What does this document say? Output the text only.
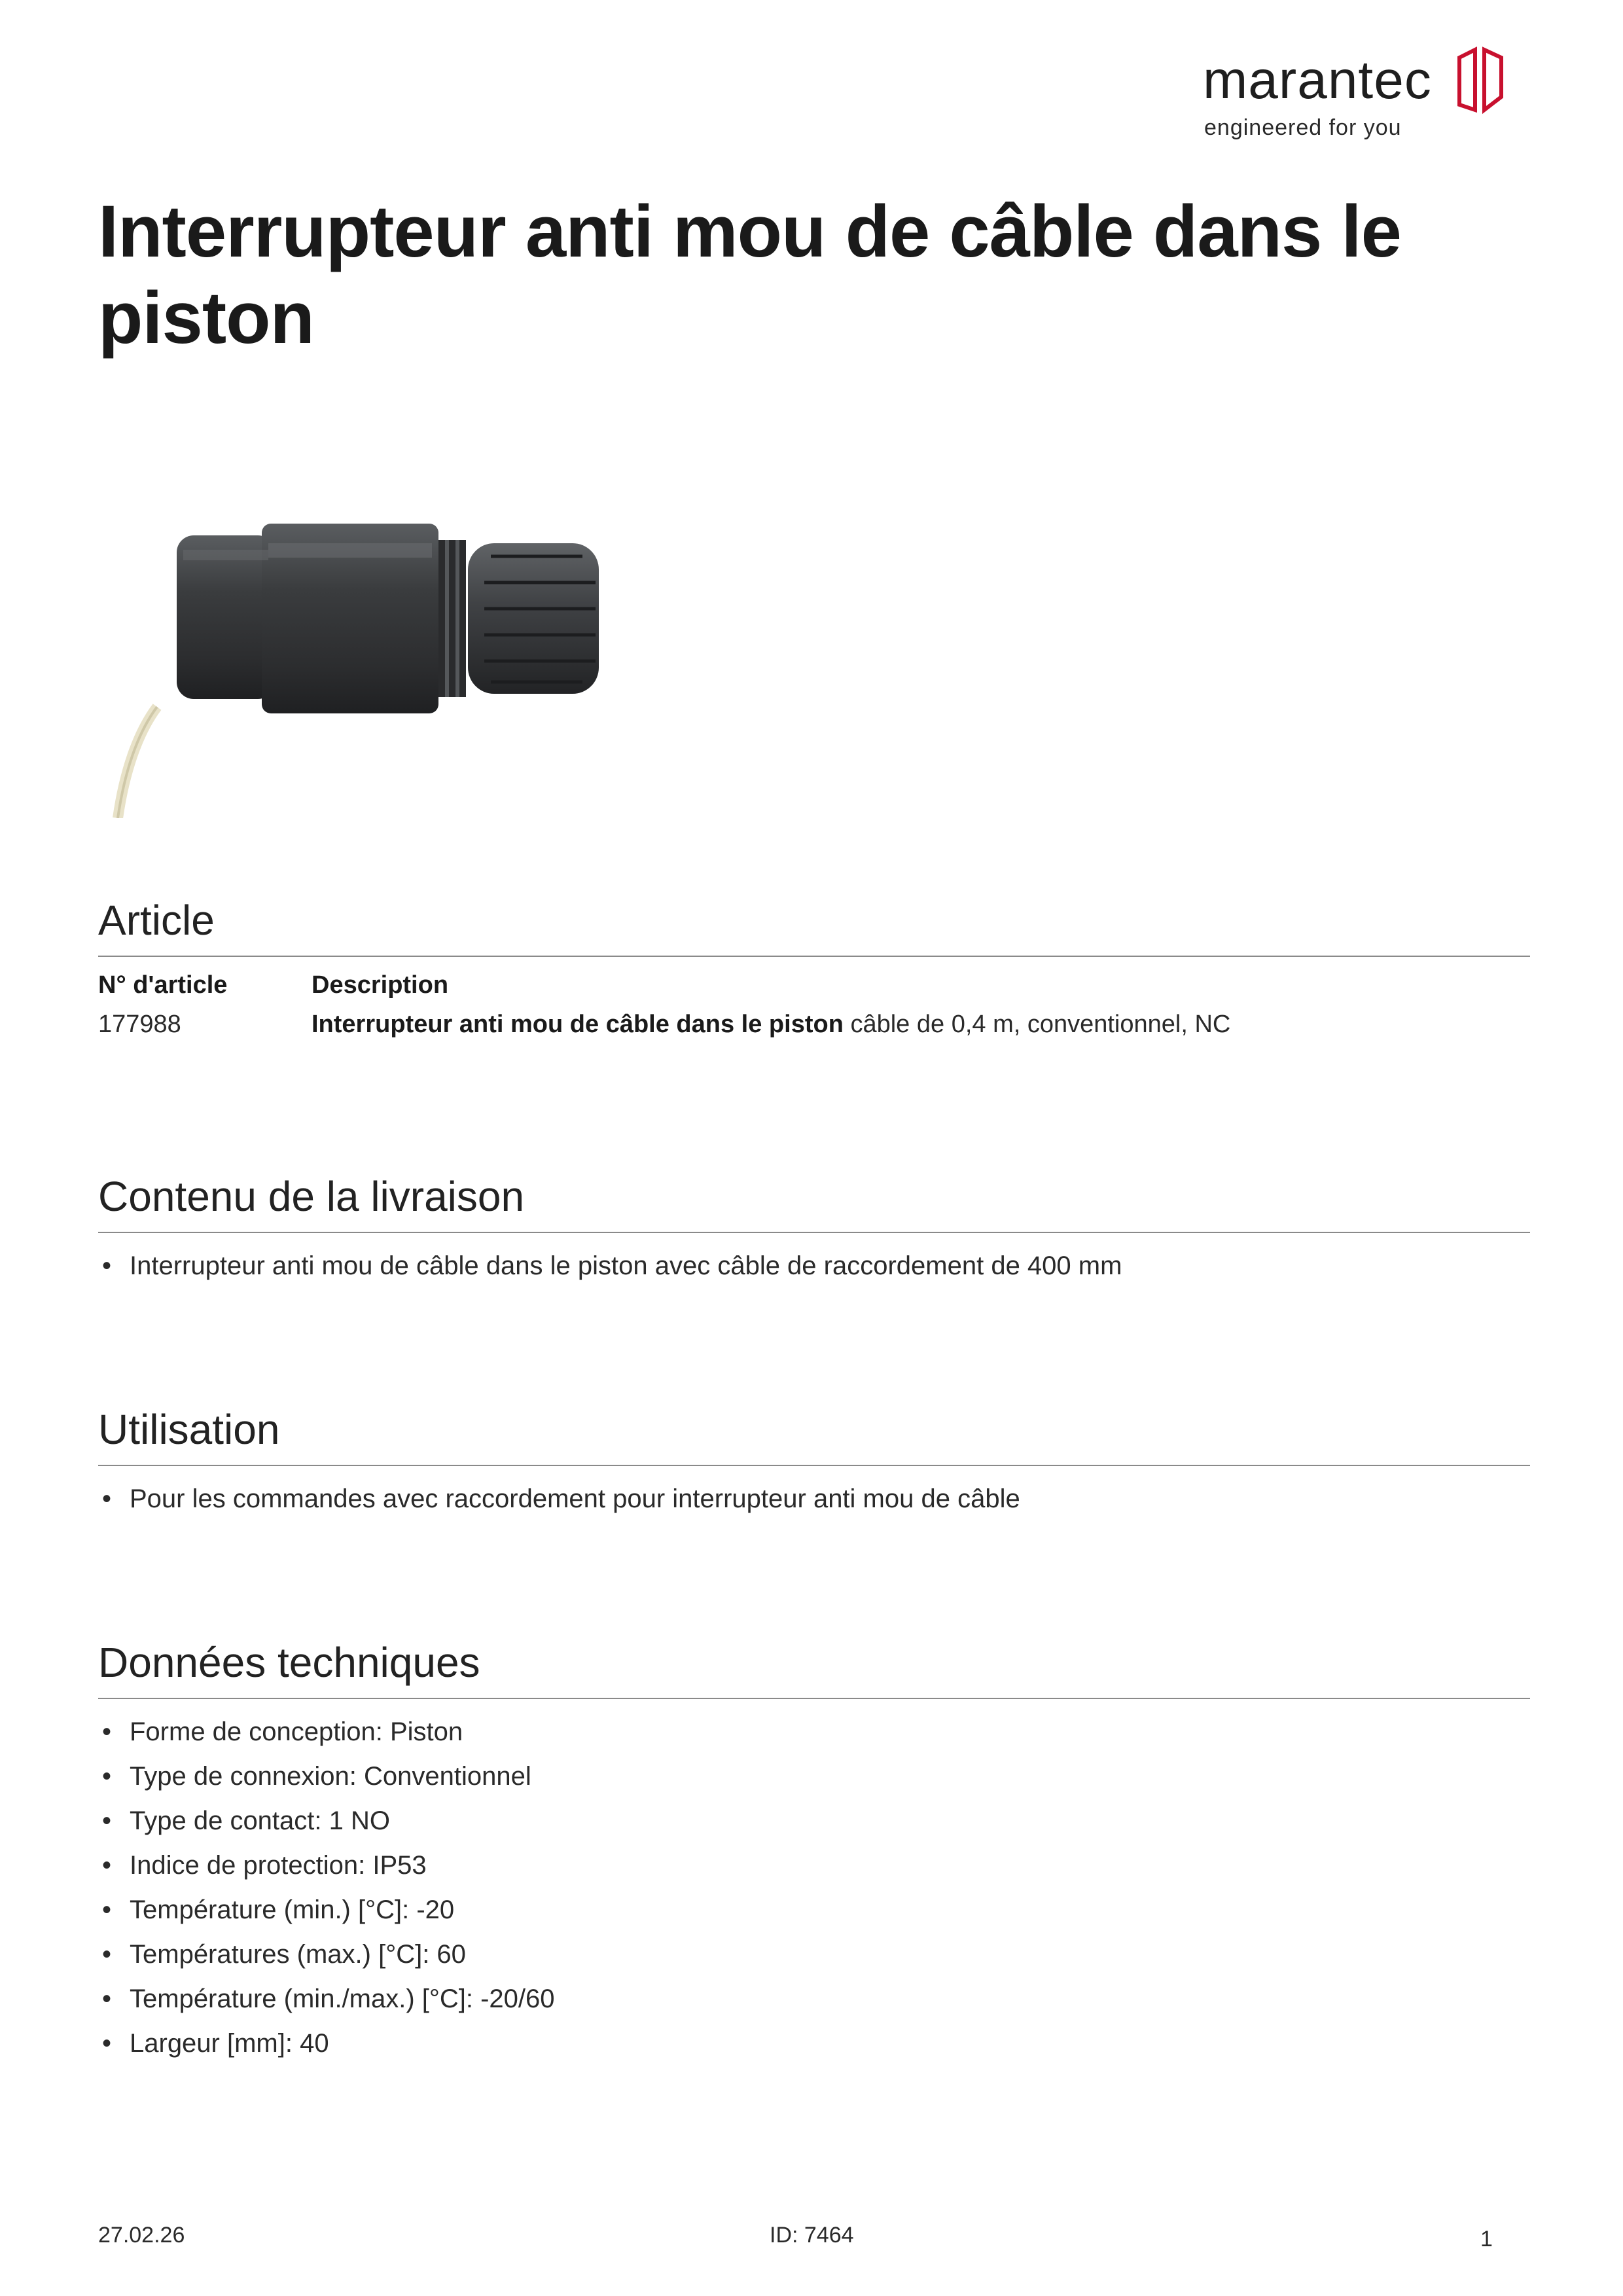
marantec
engineered for you
Interrupteur anti mou de câble dans le piston
Article
N° d'article	Description
177988	Interrupteur anti mou de câble dans le piston câble de 0,4 m, conventionnel, NC
Contenu de la livraison
• Interrupteur anti mou de câble dans le piston avec câble de raccordement de 400 mm
Utilisation
• Pour les commandes avec raccordement pour interrupteur anti mou de câble
Données techniques
• Forme de conception: Piston
• Type de connexion: Conventionnel
• Type de contact: 1 NO
• Indice de protection: IP53
• Température (min.) [°C]: -20
• Températures (max.) [°C]: 60
• Température (min./max.) [°C]: -20/60
• Largeur [mm]: 40
27.02.26	ID: 7464	1
